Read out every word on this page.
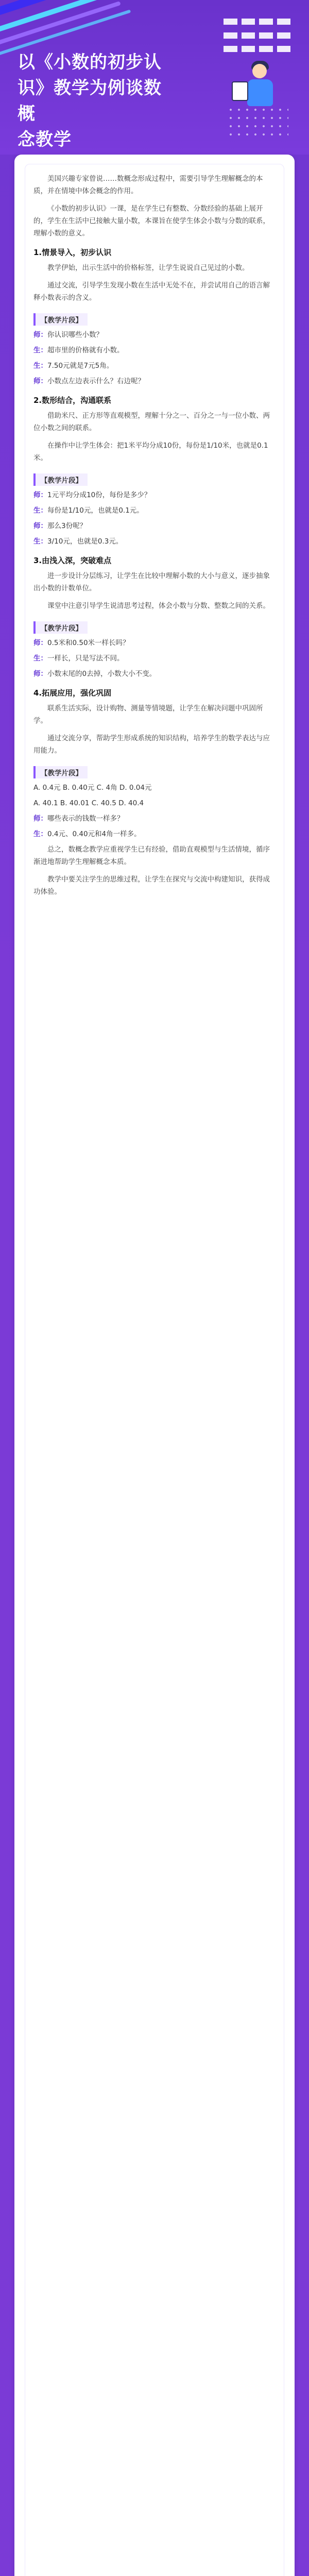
以《小数的初步认
识》教学为例谈数概
念教学

美国兴趣专家曾说……数概念形成过程中，需要引导学生理解概念的本质，并在情境中体会概念的作用。

《小数的初步认识》一课，是在学生已有整数、分数经验的基础上展开的，学生在生活中已接触大量小数，本课旨在使学生体会小数与分数的联系，理解小数的意义。

1.情景导入，初步认识

教学伊始，出示生活中的价格标签，让学生说说自己见过的小数。

通过交流，引导学生发现小数在生活中无处不在，并尝试用自己的语言解释小数表示的含义。

【教学片段】
师：你认识哪些小数？
生：超市里的价格就有小数。
生：7.50元就是7元5角。
师：小数点左边表示什么？右边呢？
2.数形结合，沟通联系

借助米尺、正方形等直观模型，理解十分之一、百分之一与一位小数、两位小数之间的联系。

在操作中让学生体会：把1米平均分成10份，每份是1/10米，也就是0.1米。

【教学片段】
师：1元平均分成10份，每份是多少？
生：每份是1/10元，也就是0.1元。
师：那么3份呢？
生：3/10元，也就是0.3元。
3.由浅入深，突破难点

进一步设计分层练习，让学生在比较中理解小数的大小与意义，逐步抽象出小数的计数单位。

课堂中注意引导学生说清思考过程，体会小数与分数、整数之间的关系。

【教学片段】
师：0.5米和0.50米一样长吗？
生：一样长，只是写法不同。
师：小数末尾的0去掉，小数大小不变。
4.拓展应用，强化巩固

联系生活实际，设计购物、测量等情境题，让学生在解决问题中巩固所学。

通过交流分享，帮助学生形成系统的知识结构，培养学生的数学表达与应用能力。

【教学片段】
A. 0.4元 B. 0.40元 C. 4角 D. 0.04元
A. 40.1 B. 40.01 C. 40.5 D. 40.4
师：哪些表示的钱数一样多？
生：0.4元、0.40元和4角一样多。

总之，数概念教学应重视学生已有经验，借助直观模型与生活情境，循序渐进地帮助学生理解概念本质。

教学中要关注学生的思维过程，让学生在探究与交流中构建知识，获得成功体验。
